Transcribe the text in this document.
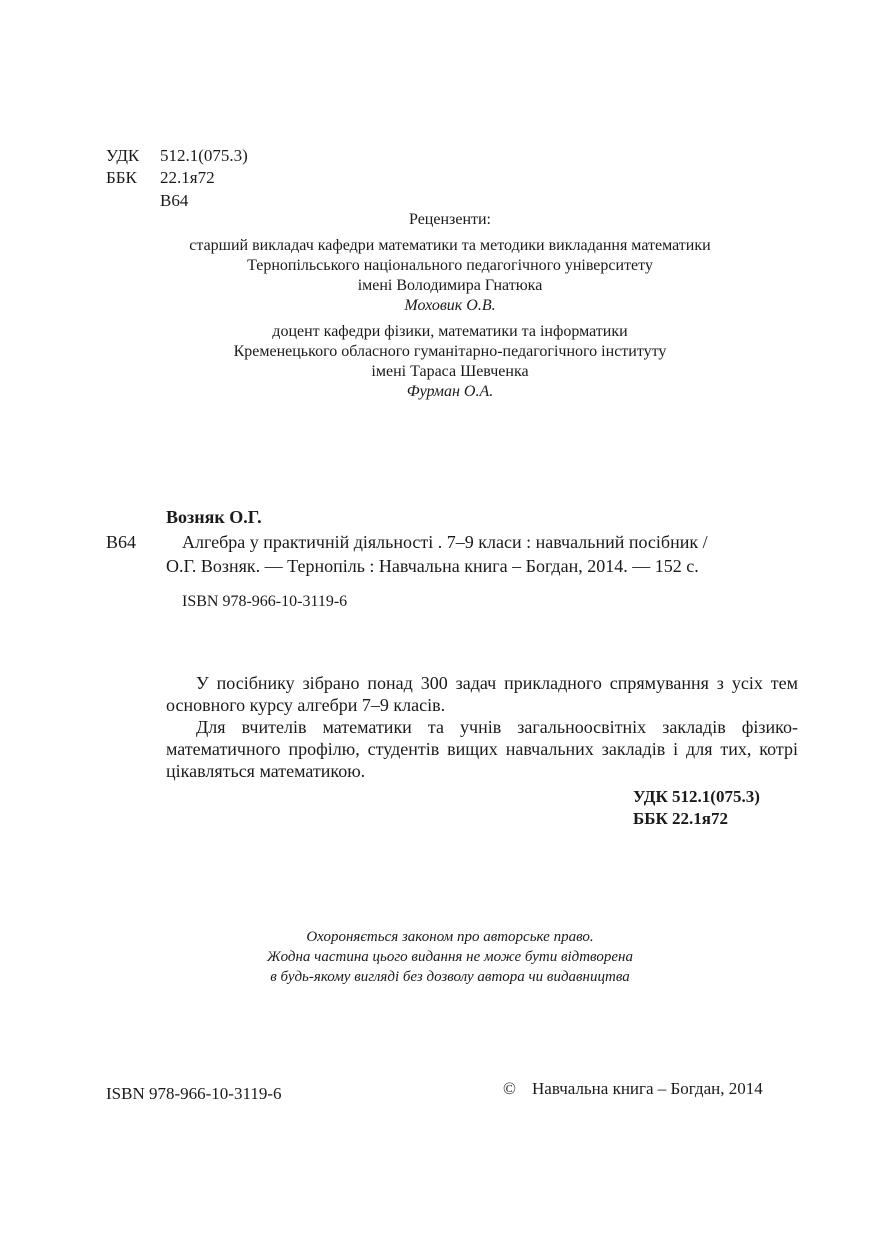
УДК 512.1(075.3)
ББК 22.1я72
В64
Рецензенти:
старший викладач кафедри математики та методики викладання математики
Тернопільського національного педагогічного університету
імені Володимира Гнатюка
Моховик О.В.
доцент кафедри фізики, математики та інформатики
Кременецького обласного гуманітарно-педагогічного інституту
імені Тараса Шевченка
Фурман О.А.
Возняк О.Г.
В64	Алгебра у практичній діяльності . 7–9 класи : навчальний посібник /
О.Г. Возняк. — Тернопіль : Навчальна книга – Богдан, 2014. — 152 с.
ISBN 978-966-10-3119-6

У посібнику зібрано понад 300 задач прикладного спрямування з усіх тем основного курсу алгебри 7–9 класів.

Для вчителів математики та учнів загальноосвітніх закладів фізико-математичного профілю, студентів вищих навчальних закладів і для тих, котрі цікавляться математикою.

УДК 512.1(075.3)
ББК 22.1я72
Охороняється законом про авторське право.
Жодна частина цього видання не може бути відтворена
в будь-якому вигляді без дозволу автора чи видавництва
ISBN 978-966-10-3119-6	© Навчальна книга – Богдан, 2014
